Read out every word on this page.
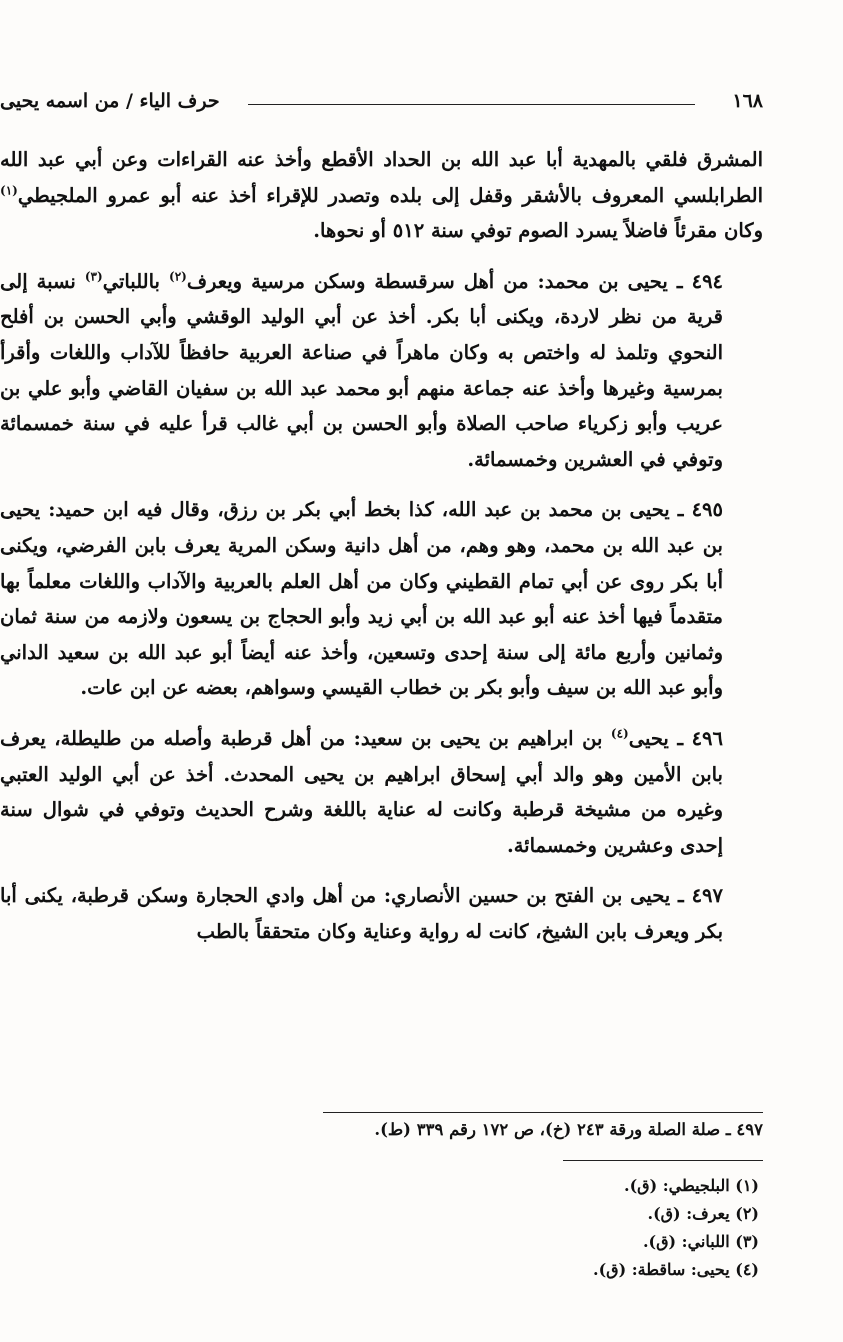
١٦٨
حرف الياء / من اسمه يحيى

المشرق فلقي بالمهدية أبا عبد الله بن الحداد الأقطع وأخذ عنه القراءات وعن أبي عبد الله الطرابلسي المعروف بالأشقر وقفل إلى بلده وتصدر للإقراء أخذ عنه أبو عمرو الملجيطي$^{(١)}$ وكان مقرئاً فاضلاً يسرد الصوم توفي سنة ٥١٢ أو نحوها.

٤٩٤ ـ يحيى بن محمد: من أهل سرقسطة وسكن مرسية ويعرف$^{(٢)}$ باللباتي$^{(٣)}$ نسبة إلى قرية من نظر لاردة، ويكنى أبا بكر. أخذ عن أبي الوليد الوقشي وأبي الحسن بن أفلح النحوي وتلمذ له واختص به وكان ماهراً في صناعة العربية حافظاً للآداب واللغات وأقرأ بمرسية وغيرها وأخذ عنه جماعة منهم أبو محمد عبد الله بن سفيان القاضي وأبو علي بن عريب وأبو زكرياء صاحب الصلاة وأبو الحسن بن أبي غالب قرأ عليه في سنة خمسمائة وتوفي في العشرين وخمسمائة.

٤٩٥ ـ يحيى بن محمد بن عبد الله، كذا بخط أبي بكر بن رزق، وقال فيه ابن حميد: يحيى بن عبد الله بن محمد، وهو وهم، من أهل دانية وسكن المرية يعرف بابن الفرضي، ويكنى أبا بكر روى عن أبي تمام القطيني وكان من أهل العلم بالعربية والآداب واللغات معلماً بها متقدماً فيها أخذ عنه أبو عبد الله بن أبي زيد وأبو الحجاج بن يسعون ولازمه من سنة ثمان وثمانين وأربع مائة إلى سنة إحدى وتسعين، وأخذ عنه أيضاً أبو عبد الله بن سعيد الداني وأبو عبد الله بن سيف وأبو بكر بن خطاب القيسي وسواهم، بعضه عن ابن عات.

٤٩٦ ـ يحيى$^{(٤)}$ بن ابراهيم بن يحيى بن سعيد: من أهل قرطبة وأصله من طليطلة، يعرف بابن الأمين وهو والد أبي إسحاق ابراهيم بن يحيى المحدث. أخذ عن أبي الوليد العتبي وغيره من مشيخة قرطبة وكانت له عناية باللغة وشرح الحديث وتوفي في شوال سنة إحدى وعشرين وخمسمائة.

٤٩٧ ـ يحيى بن الفتح بن حسين الأنصاري: من أهل وادي الحجارة وسكن قرطبة، يكنى أبا بكر ويعرف بابن الشيخ، كانت له رواية وعناية وكان متحققاً بالطب

٤٩٧ ـ صلة الصلة ورقة ٢٤٣ (خ)، ص ١٧٢ رقم ٣٣٩ (ط).
(١) البلجيطي: (ق).
(٢) يعرف: (ق).
(٣) اللباني: (ق).
(٤) يحيى: ساقطة: (ق).
